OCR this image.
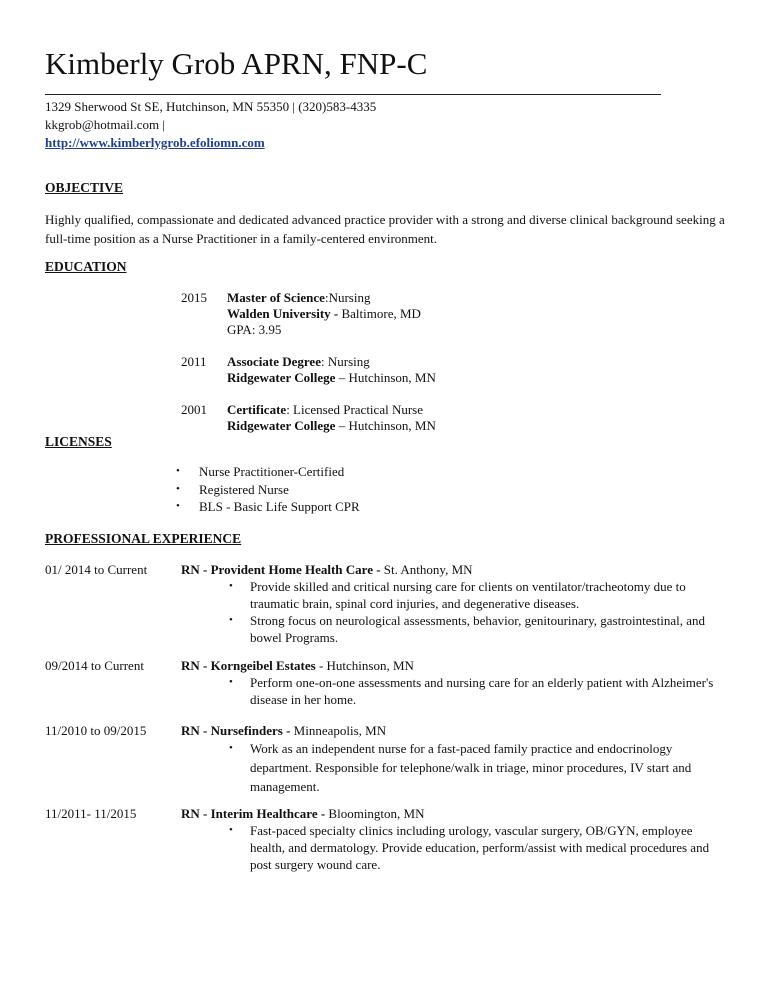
Kimberly Grob APRN, FNP-C
1329 Sherwood St SE, Hutchinson, MN 55350 | (320)583-4335
kkgrob@hotmail.com |
http://www.kimberlygrob.efoliomn.com
OBJECTIVE
Highly qualified, compassionate and dedicated advanced practice provider with a strong and diverse clinical background seeking a full-time position as a Nurse Practitioner in a family-centered environment.
EDUCATION
2015 Master of Science:Nursing
Walden University - Baltimore, MD
GPA: 3.95
2011 Associate Degree: Nursing
Ridgewater College – Hutchinson, MN
2001 Certificate: Licensed Practical Nurse
Ridgewater College – Hutchinson, MN
LICENSES
• Nurse Practitioner-Certified
• Registered Nurse
• BLS - Basic Life Support CPR
PROFESSIONAL EXPERIENCE
01/ 2014 to Current	RN - Provident Home Health Care - St. Anthony, MN
• Provide skilled and critical nursing care for clients on ventilator/tracheotomy due to traumatic brain, spinal cord injuries, and degenerative diseases.
• Strong focus on neurological assessments, behavior, genitourinary, gastrointestinal, and bowel Programs.
09/2014 to Current	RN - Korngeibel Estates - Hutchinson, MN
• Perform one-on-one assessments and nursing care for an elderly patient with Alzheimer's disease in her home.
11/2010 to 09/2015	RN - Nursefinders - Minneapolis, MN
• Work as an independent nurse for a fast-paced family practice and endocrinology department. Responsible for telephone/walk in triage, minor procedures, IV start and management.
11/2011- 11/2015	RN - Interim Healthcare - Bloomington, MN
• Fast-paced specialty clinics including urology, vascular surgery, OB/GYN, employee health, and dermatology. Provide education, perform/assist with medical procedures and post surgery wound care.
